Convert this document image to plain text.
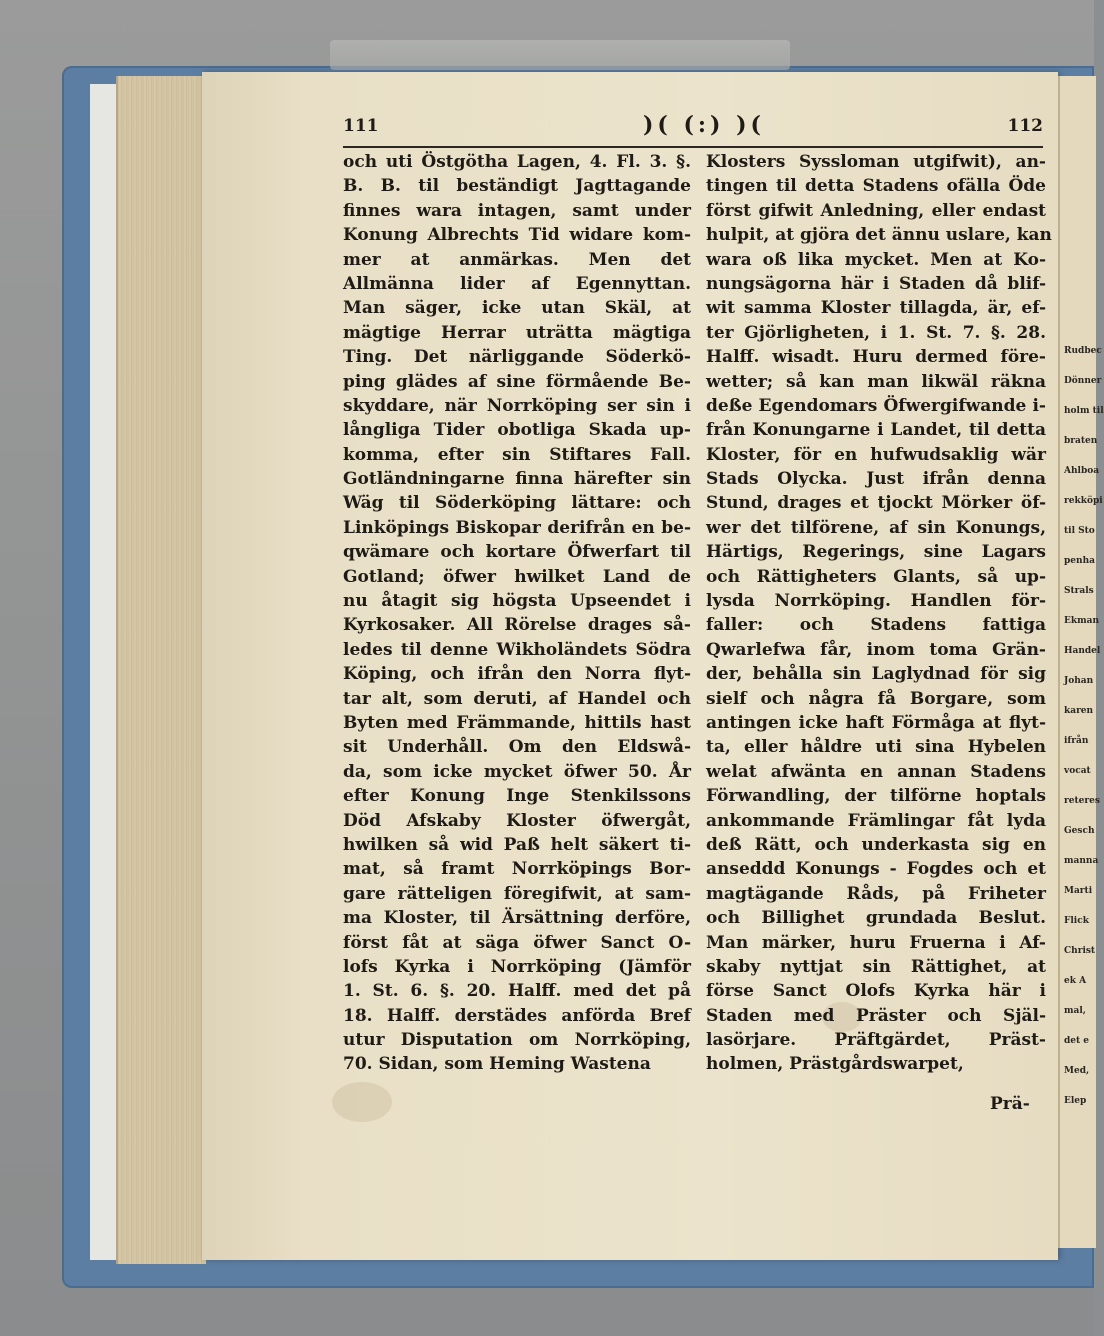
Rudbec
Dönner
holm til
braten
Ahlboa
rekköpi
til Sto
penha
Strals
Ekman
Handel
Johan
karen
ifrån
vocat
reteres
Gesch
manna
Marti
Flick
Christ
ek A
mal,
det e
Med,
Elep
111	)( (:) )(	112
och uti Östgötha Lagen, 4. Fl. 3. §.
B. B. til beständigt Jagttagande
finnes wara intagen, samt under
Konung Albrechts Tid widare kom-
mer at anmärkas. Men det
Allmänna lider af Egennyttan.
Man säger, icke utan Skäl, at
mägtige Herrar uträtta mägtiga
Ting. Det närliggande Söderkö-
ping glädes af sine förmående Be-
skyddare, när Norrköping ser sin i
långliga Tider obotliga Skada up-
komma, efter sin Stiftares Fall.
Gotländningarne finna härefter sin
Wäg til Söderköping lättare: och
Linköpings Biskopar derifrån en be-
qwämare och kortare Öfwerfart til
Gotland; öfwer hwilket Land de
nu åtagit sig högsta Upseendet i
Kyrkosaker. All Rörelse drages så-
ledes til denne Wikholändets Södra
Köping, och ifrån den Norra flyt-
tar alt, som deruti, af Handel och
Byten med Främmande, hittils hast
sit Underhåll. Om den Eldswå-
da, som icke mycket öfwer 50. År
efter Konung Inge Stenkilssons
Död Afskaby Kloster öfwergåt,
hwilken så wid Paß helt säkert ti-
mat, så framt Norrköpings Bor-
gare rätteligen föregifwit, at sam-
ma Kloster, til Ärsättning derföre,
först fåt at säga öfwer Sanct O-
lofs Kyrka i Norrköping (Jämför
1. St. 6. §. 20. Halff. med det på
18. Halff. derstädes anförda Bref
utur Disputation om Norrköping,
70. Sidan, som Heming Wastena
Klosters Syssloman utgifwit), an-
tingen til detta Stadens ofälla Öde
först gifwit Anledning, eller endast
hulpit, at gjöra det ännu uslare, kan
wara oß lika mycket. Men at Ko-
nungsägorna här i Staden då blif-
wit samma Kloster tillagda, är, ef-
ter Gjörligheten, i 1. St. 7. §. 28.
Halff. wisadt. Huru dermed före-
wetter; så kan man likwäl räkna
deße Egendomars Öfwergifwande i-
från Konungarne i Landet, til detta
Kloster, för en hufwudsaklig wär
Stads Olycka. Just ifrån denna
Stund, drages et tjockt Mörker öf-
wer det tilförene, af sin Konungs,
Härtigs, Regerings, sine Lagars
och Rättigheters Glants, så up-
lysda Norrköping. Handlen för-
faller: och Stadens fattiga
Qwarlefwa får, inom toma Grän-
der, behålla sin Laglydnad för sig
sielf och några få Borgare, som
antingen icke haft Förmåga at flyt-
ta, eller håldre uti sina Hybelen
welat afwänta en annan Stadens
Förwandling, der tilförne hoptals
ankommande Främlingar fåt lyda
deß Rätt, och underkasta sig en
anseddd Konungs - Fogdes och et
magtägande Råds, på Friheter
och Billighet grundada Beslut.
Man märker, huru Fruerna i Af-
skaby nyttjat sin Rättighet, at
förse Sanct Olofs Kyrka här i
Staden med Präster och Själ-
lasörjare. Präftgärdet, Präst-
holmen, Prästgårdswarpet,
Prä-
